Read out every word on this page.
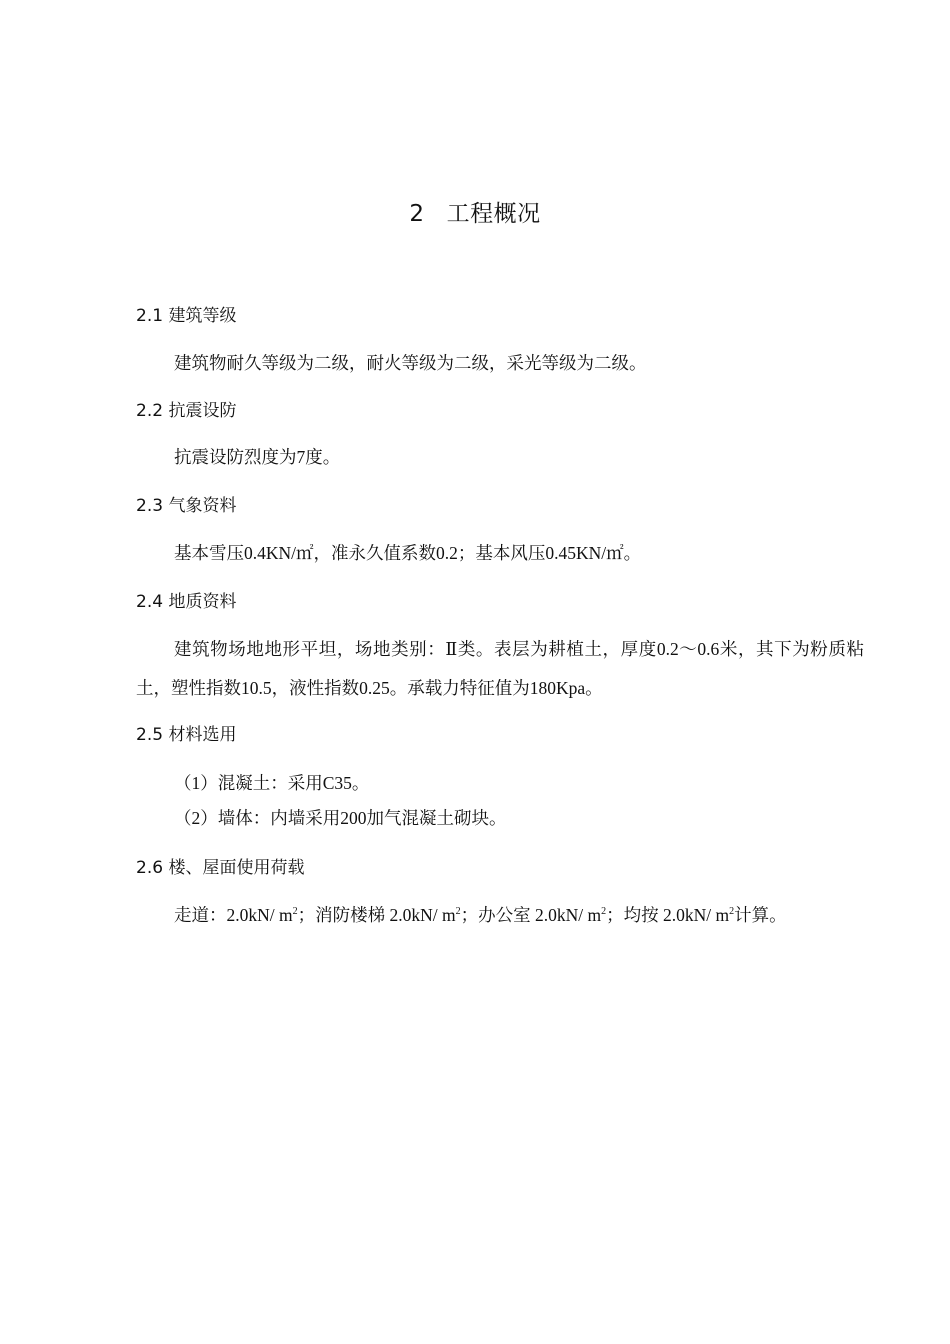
2 工程概况
2.1 建筑等级
建筑物耐久等级为二级，耐火等级为二级，采光等级为二级。
2.2 抗震设防
抗震设防烈度为7度。
2.3 气象资料
基本雪压0.4KN/㎡，准永久值系数0.2；基本风压0.45KN/㎡。
2.4 地质资料
建筑物场地地形平坦，场地类别：Ⅱ类。表层为耕植土，厚度0.2～0.6米，其下为粉质粘土，塑性指数10.5，液性指数0.25。承载力特征值为180Kpa。
2.5 材料选用
（1）混凝土：采用C35。
（2）墙体：内墙采用200加气混凝土砌块。
2.6 楼、屋面使用荷载
走道：2.0kN/ $m^2$；消防楼梯 2.0kN/ $m^2$；办公室 2.0kN/ $m^2$；均按 2.0kN/ $m^2$计算。
